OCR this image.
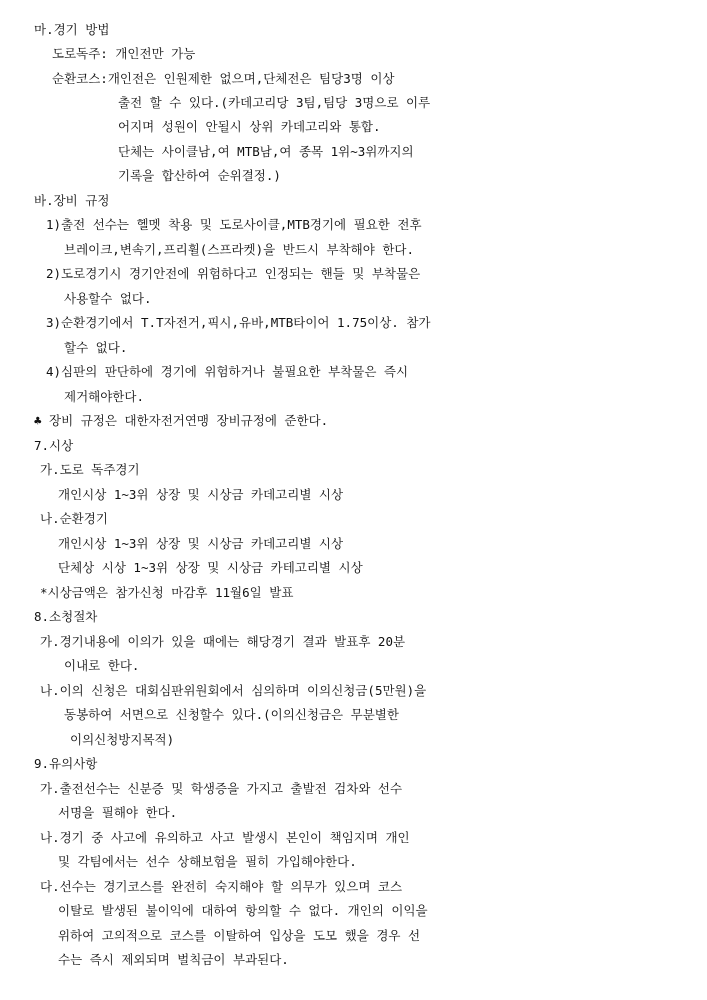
마.경기 방법
도로독주: 개인전만 가능
순환코스:개인전은 인원제한 없으며,단체전은 팀당3명 이상
출전 할 수 있다.(카데고리당 3팀,팀당 3명으로 이루
어지며 성원이 안될시 상위 카데고리와 통합.
단체는 사이클남,여 MTB남,여 종목 1위~3위까지의
기록을 합산하여 순위결정.)
바.장비 규정
1)출전 선수는 헬멧 착용 및 도로사이클,MTB경기에 필요한 전후
브레이크,변속기,프리휠(스프라켓)을 반드시 부착해야 한다.
2)도로경기시 경기안전에 위험하다고 인정되는 핸들 및 부착물은
사용할수 없다.
3)순환경기에서 T.T자전거,픽시,유바,MTB타이어 1.75이상. 참가
할수 없다.
4)심판의 판단하에 경기에 위험하거나 불필요한 부착물은 즉시
제거해야한다.
♣ 장비 규정은 대한자전거연맹 장비규정에 준한다.
7.시상
가.도로 독주경기
개인시상 1~3위 상장 및 시상금 카데고리별 시상
나.순환경기
개인시상 1~3위 상장 및 시상금 카데고리별 시상
단체상 시상 1~3위 상장 및 시상금 카테고리별 시상
*시상금액은 참가신청 마감후 11월6일 발표
8.소청절차
가.경기내용에 이의가 있을 때에는 해당경기 결과 발표후 20분
이내로 한다.
나.이의 신청은 대회심판위원회에서 심의하며 이의신청금(5만원)을
동봉하여 서면으로 신청할수 있다.(이의신청금은 무분별한
이의신청방지목적)
9.유의사항
가.출전선수는 신분증 및 학생증을 가지고 출발전 검차와 선수
서명을 필해야 한다.
나.경기 중 사고에 유의하고 사고 발생시 본인이 책임지며 개인
및 각팀에서는 선수 상해보험을 필히 가입해야한다.
다.선수는 경기코스를 완전히 숙지해야 할 의무가 있으며 코스
이탈로 발생된 불이익에 대하여 항의할 수 없다. 개인의 이익을
위하여 고의적으로 코스를 이탈하여 입상을 도모 했을 경우 선
수는 즉시 제외되며 벌칙금이 부과된다.
